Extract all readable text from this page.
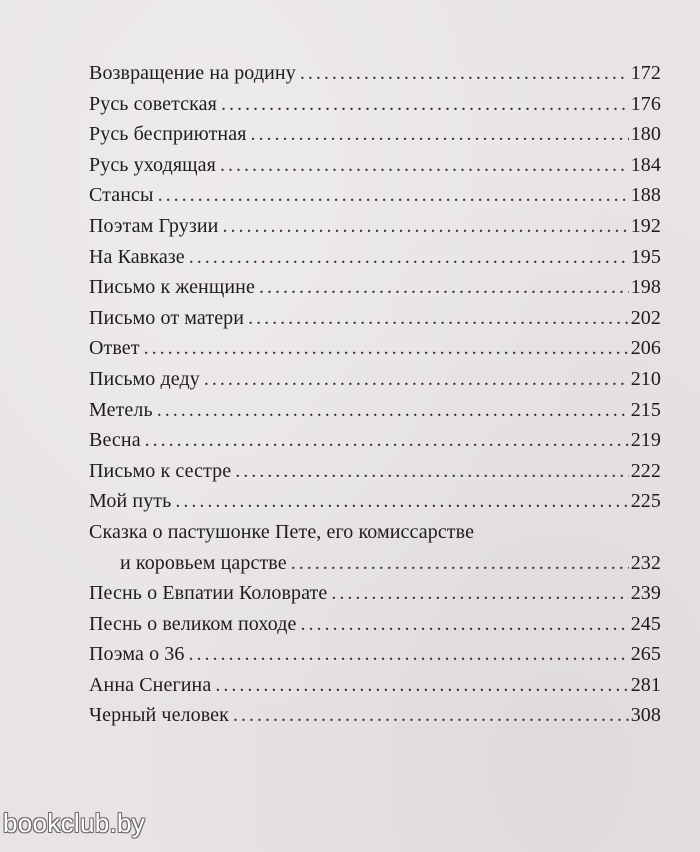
Возвращение на родину . . .	172
Русь советская . . .	176
Русь бесприютная . . .	180
Русь уходящая . . .	184
Стансы . . .	188
Поэтам Грузии . . .	192
На Кавказе . . .	195
Письмо к женщине . . .	198
Письмо от матери . . .	202
Ответ . . .	206
Письмо деду . . .	210
Метель . . .	215
Весна . . .	219
Письмо к сестре . . .	222
Мой путь . . .	225
Сказка о пастушонке Пете, его комиссарстве
и коровьем царстве . . .	232
Песнь о Евпатии Коловрате . . .	239
Песнь о великом походе . . .	245
Поэма о 36 . . .	265
Анна Снегина . . .	281
Черный человек . . .	308
bookclub.by
